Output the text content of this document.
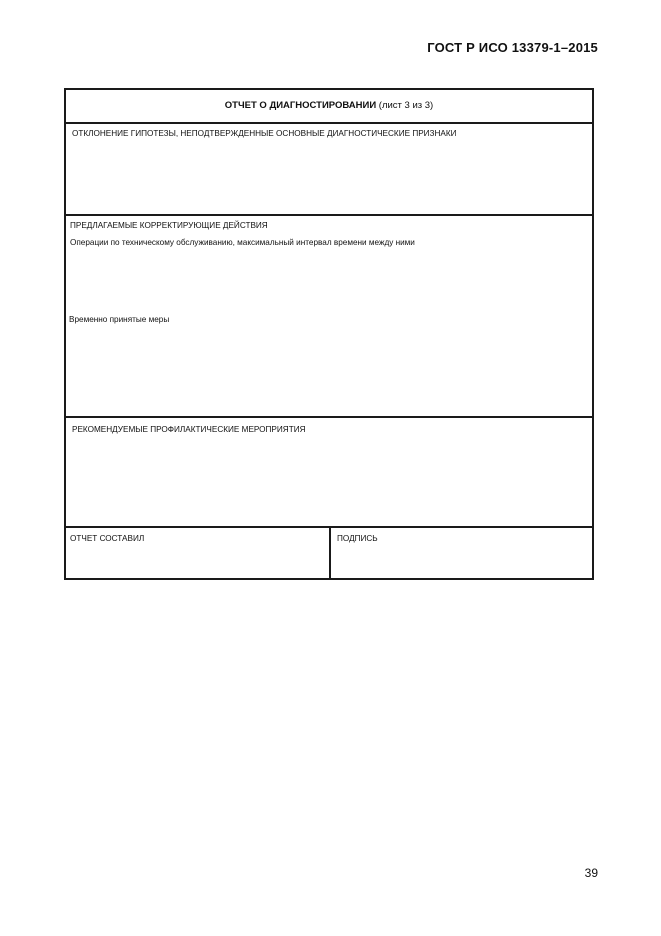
ГОСТ Р ИСО 13379-1–2015
ОТЧЕТ О ДИАГНОСТИРОВАНИИ (лист 3 из 3)
ОТКЛОНЕНИЕ ГИПОТЕЗЫ, НЕПОДТВЕРЖДЕННЫЕ ОСНОВНЫЕ ДИАГНОСТИЧЕСКИЕ ПРИЗНАКИ
ПРЕДЛАГАЕМЫЕ КОРРЕКТИРУЮЩИЕ ДЕЙСТВИЯ
Операции по техническому обслуживанию, максимальный интервал времени между ними
Временно принятые меры
РЕКОМЕНДУЕМЫЕ ПРОФИЛАКТИЧЕСКИЕ МЕРОПРИЯТИЯ
ОТЧЕТ СОСТАВИЛ	ПОДПИСЬ
39
